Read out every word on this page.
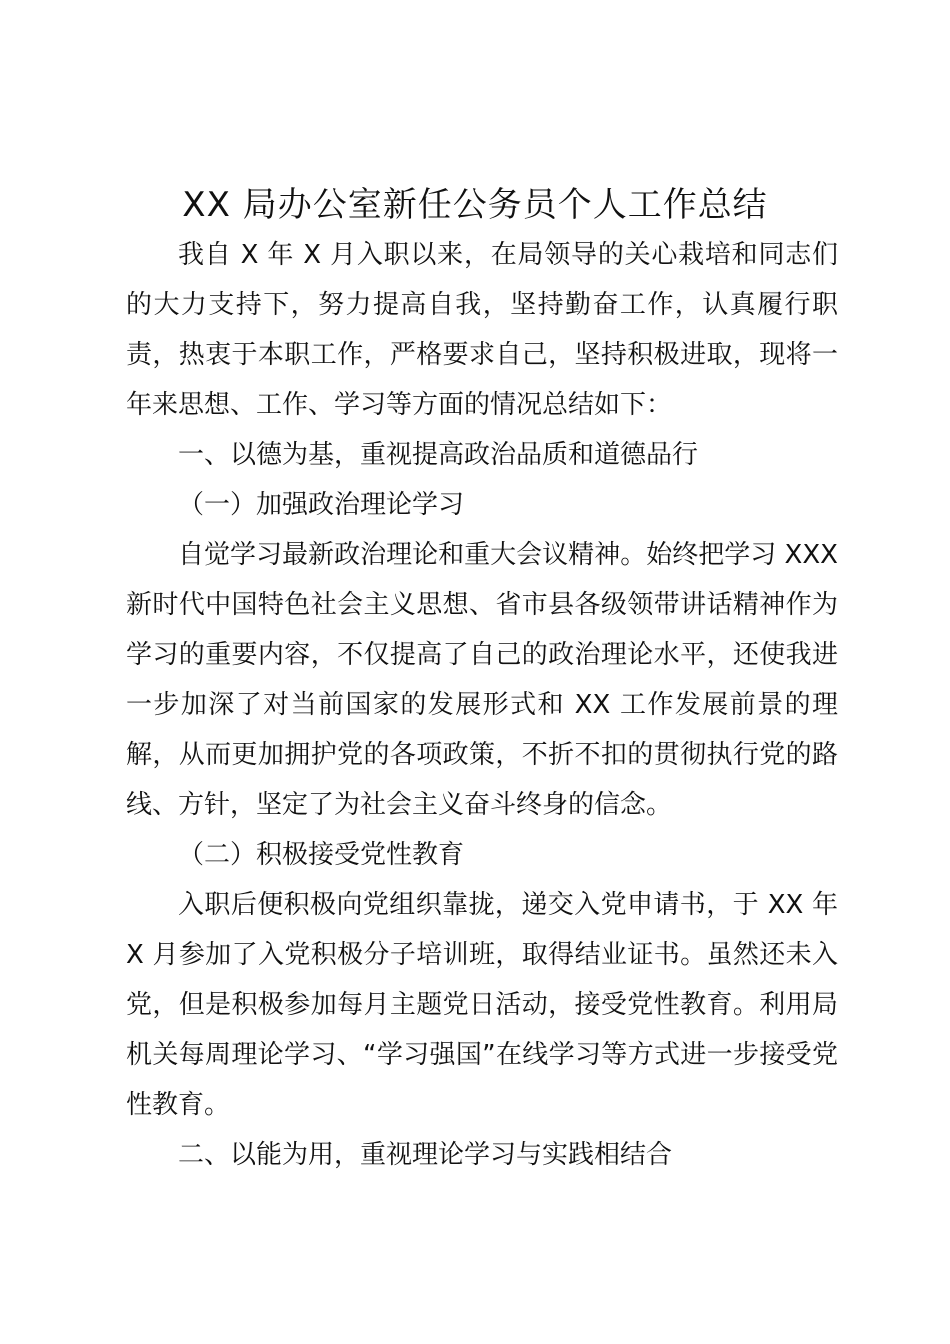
XX 局办公室新任公务员个人工作总结

我自 X 年 X 月入职以来，在局领导的关心栽培和同志们的大力支持下，努力提高自我，坚持勤奋工作，认真履行职责，热衷于本职工作，严格要求自己，坚持积极进取，现将一年来思想、工作、学习等方面的情况总结如下：

一、以德为基，重视提高政治品质和道德品行

（一）加强政治理论学习

自觉学习最新政治理论和重大会议精神。始终把学习 XXX 新时代中国特色社会主义思想、省市县各级领带讲话精神作为学习的重要内容，不仅提高了自己的政治理论水平，还使我进一步加深了对当前国家的发展形式和 XX 工作发展前景的理解，从而更加拥护党的各项政策，不折不扣的贯彻执行党的路线、方针，坚定了为社会主义奋斗终身的信念。

（二）积极接受党性教育

入职后便积极向党组织靠拢，递交入党申请书，于 XX 年 X 月参加了入党积极分子培训班，取得结业证书。虽然还未入党，但是积极参加每月主题党日活动，接受党性教育。利用局机关每周理论学习、“学习强国”在线学习等方式进一步接受党性教育。

二、以能为用，重视理论学习与实践相结合
